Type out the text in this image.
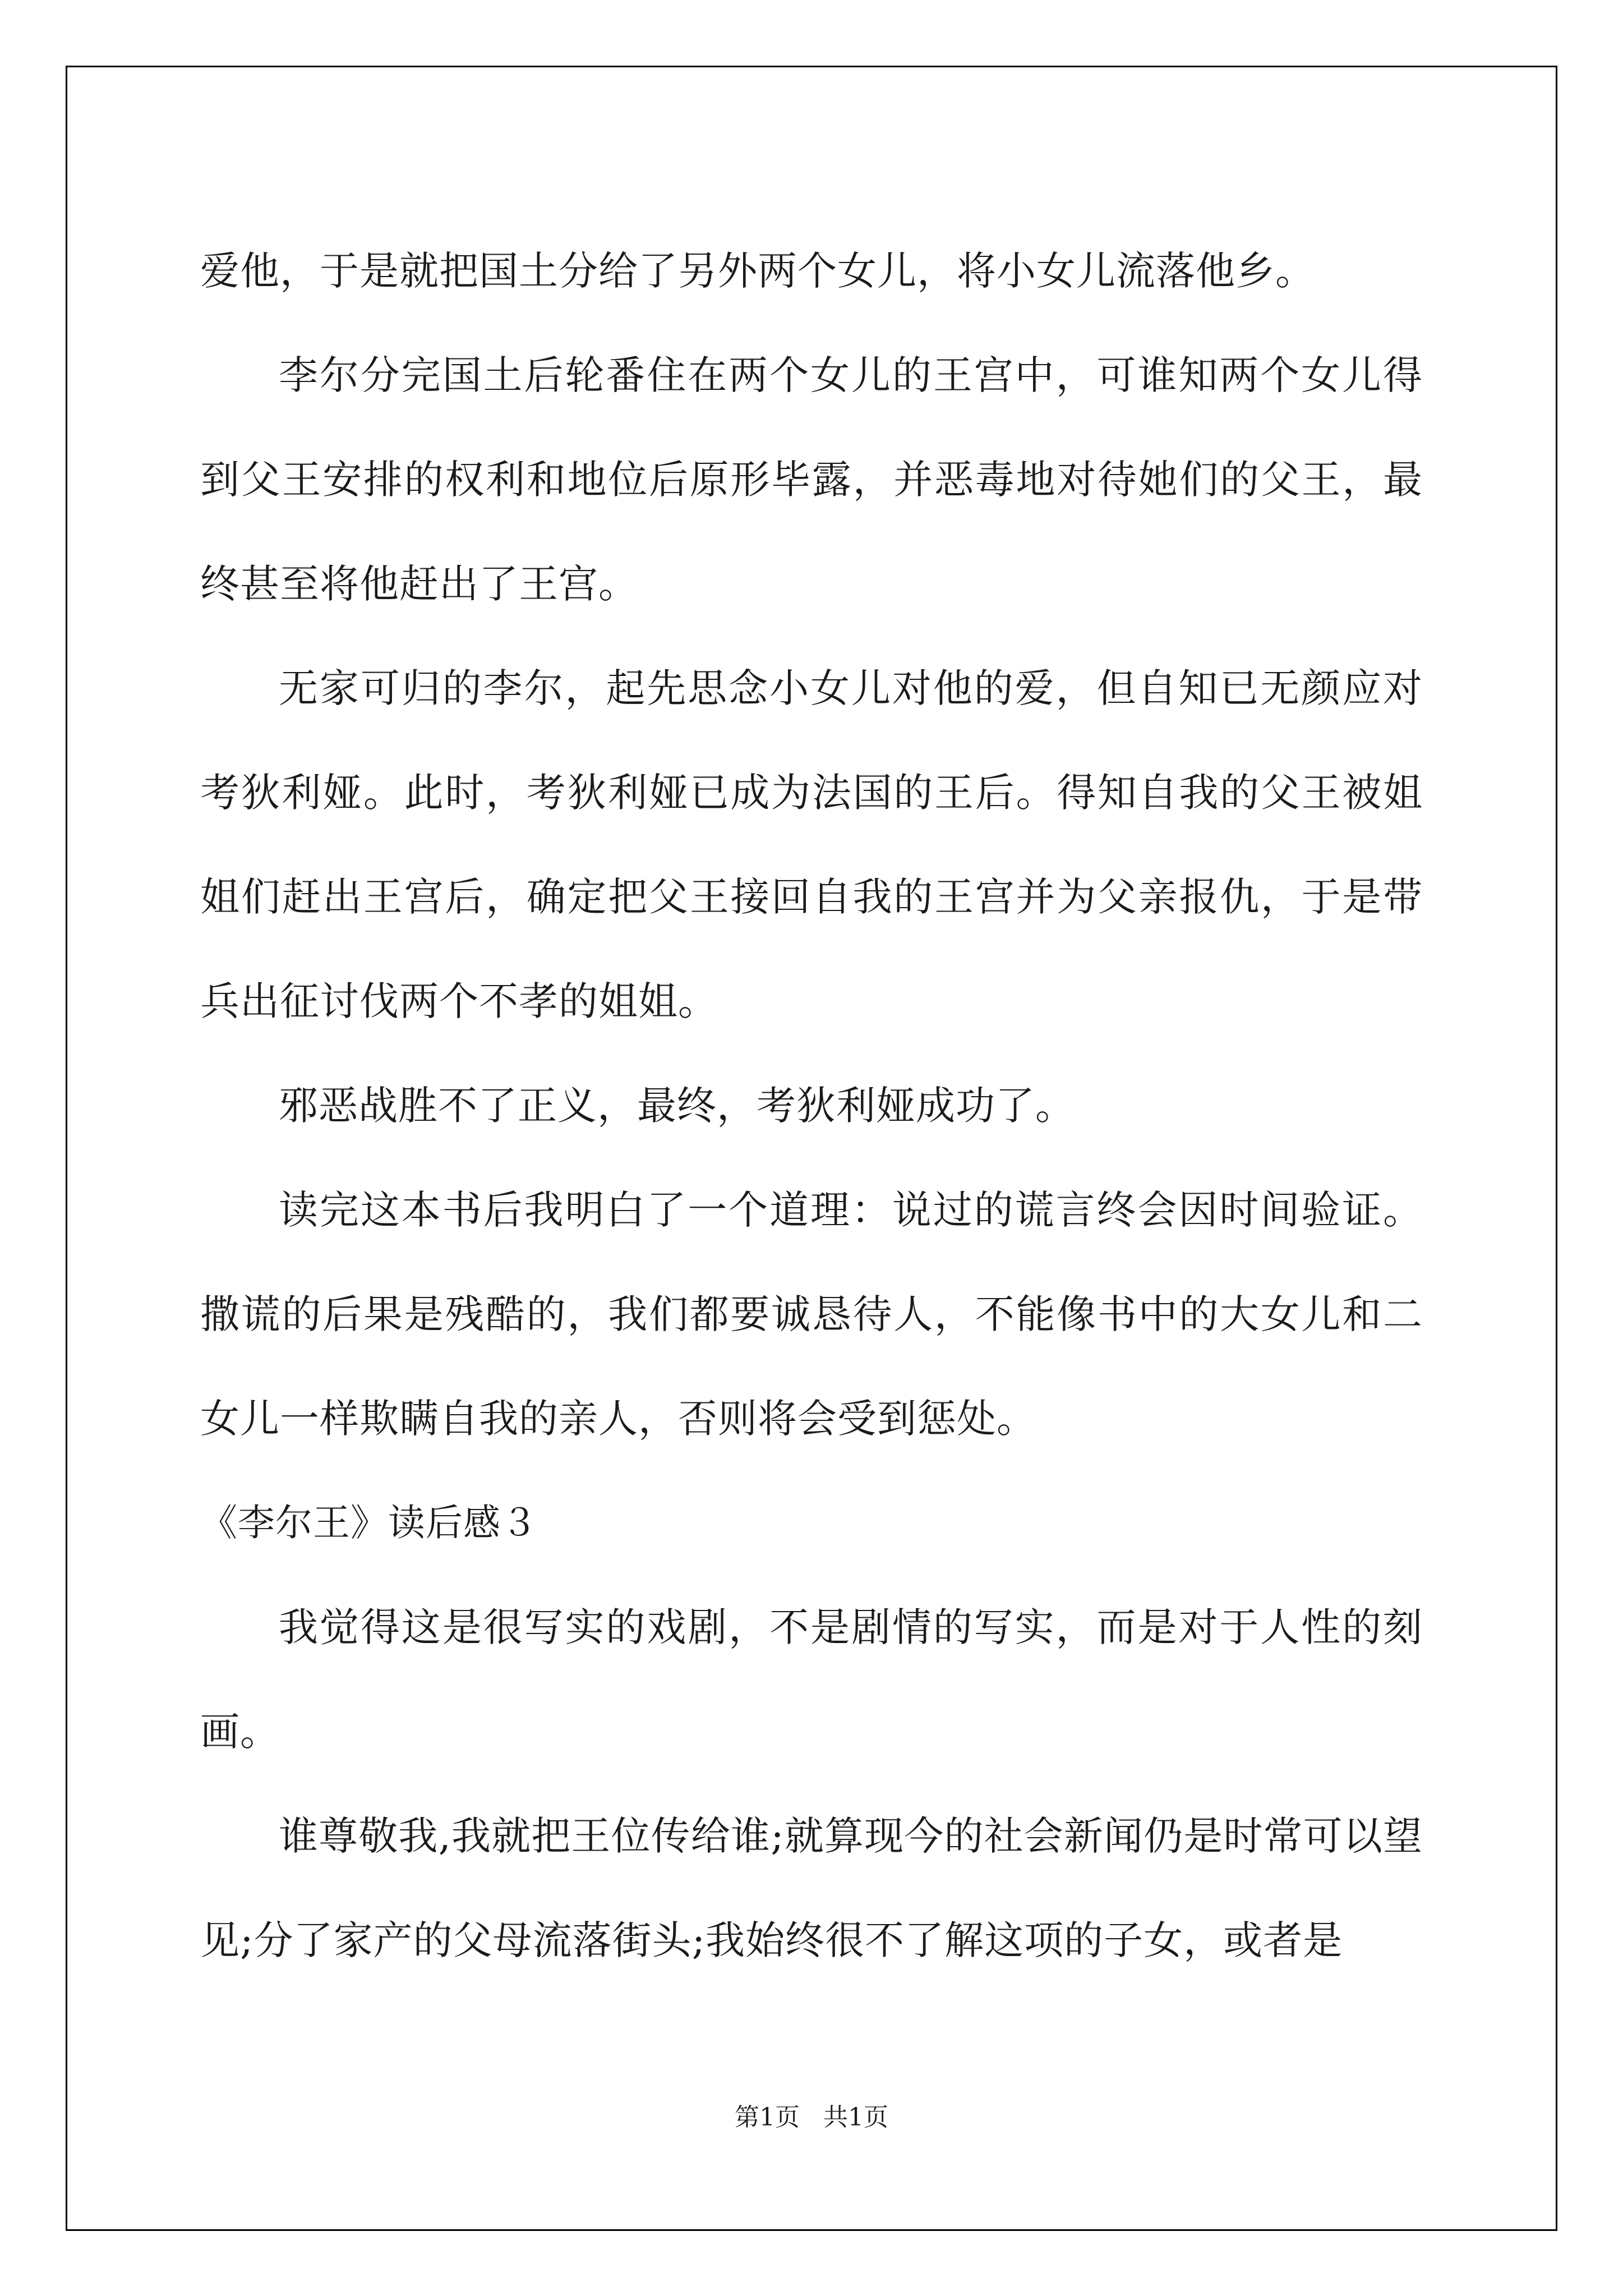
爱他，于是就把国土分给了另外两个女儿，将小女儿流落他乡。

李尔分完国土后轮番住在两个女儿的王宫中，可谁知两个女儿得到父王安排的权利和地位后原形毕露，并恶毒地对待她们的父王，最终甚至将他赶出了王宫。

无家可归的李尔，起先思念小女儿对他的爱，但自知已无颜应对考狄利娅。此时，考狄利娅已成为法国的王后。得知自我的父王被姐姐们赶出王宫后，确定把父王接回自我的王宫并为父亲报仇，于是带兵出征讨伐两个不孝的姐姐。

邪恶战胜不了正义，最终，考狄利娅成功了。

读完这本书后我明白了一个道理：说过的谎言终会因时间验证。撒谎的后果是残酷的，我们都要诚恳待人，不能像书中的大女儿和二女儿一样欺瞒自我的亲人，否则将会受到惩处。

《李尔王》读后感３

我觉得这是很写实的戏剧，不是剧情的写实，而是对于人性的刻画。

谁尊敬我,我就把王位传给谁;就算现今的社会新闻仍是时常可以望见;分了家产的父母流落街头;我始终很不了解这项的子女，或者是

第1页 共1页
